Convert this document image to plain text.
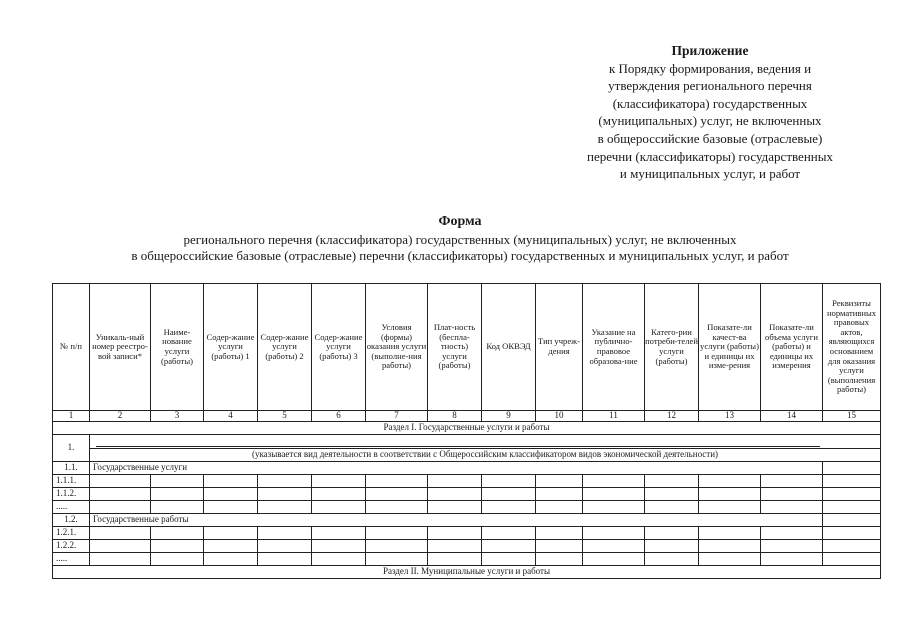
Приложение
к Порядку формирования, ведения и
утверждения регионального перечня
(классификатора) государственных
(муниципальных) услуг, не включенных
в общероссийские базовые (отраслевые)
перечни (классификаторы) государственных
и муниципальных услуг, и работ
Форма
регионального перечня (классификатора) государственных (муниципальных) услуг, не включенных
в общероссийские базовые (отраслевые) перечни (классификаторы) государственных и муниципальных услуг, и работ
№ п/п	Уникаль-ный номер реестро-вой записи*	Наиме-нование услуги (работы)	Содер-жание услуги (работы) 1	Содер-жание услуги (работы) 2	Содер-жание услуги (работы) 3	Условия (формы) оказания услуги (выполне-ния работы)	Плат-ность (бесплa-тность) услуги (работы)	Код ОКВЭД	Тип учреж-дения	Указание на публично-правовое образова-ние	Катего-рии потреби-телей услуги (работы)	Показате-ли качест-ва услуги (работы) и единицы их изме-рения	Показате-ли объема услуги (работы) и единицы их измерения	Реквизиты нормативных правовых актов, являющихся основанием для оказания услуги (выполнения работы)
1	2	3	4	5	6	7	8	9	10	11	12	13	14	15
Раздел I. Государственные услуги и работы														
1.														

	(указывается вид деятельности в соответствии с Общероссийским классификатором видов экономической деятельности)													
1.1.	Государственные услуги													
1.1.1.														
1.1.2.														
.....														
1.2.	Государственные работы													
1.2.1.														
1.2.2.														
.....														
Раздел II. Муниципальные услуги и работы														
